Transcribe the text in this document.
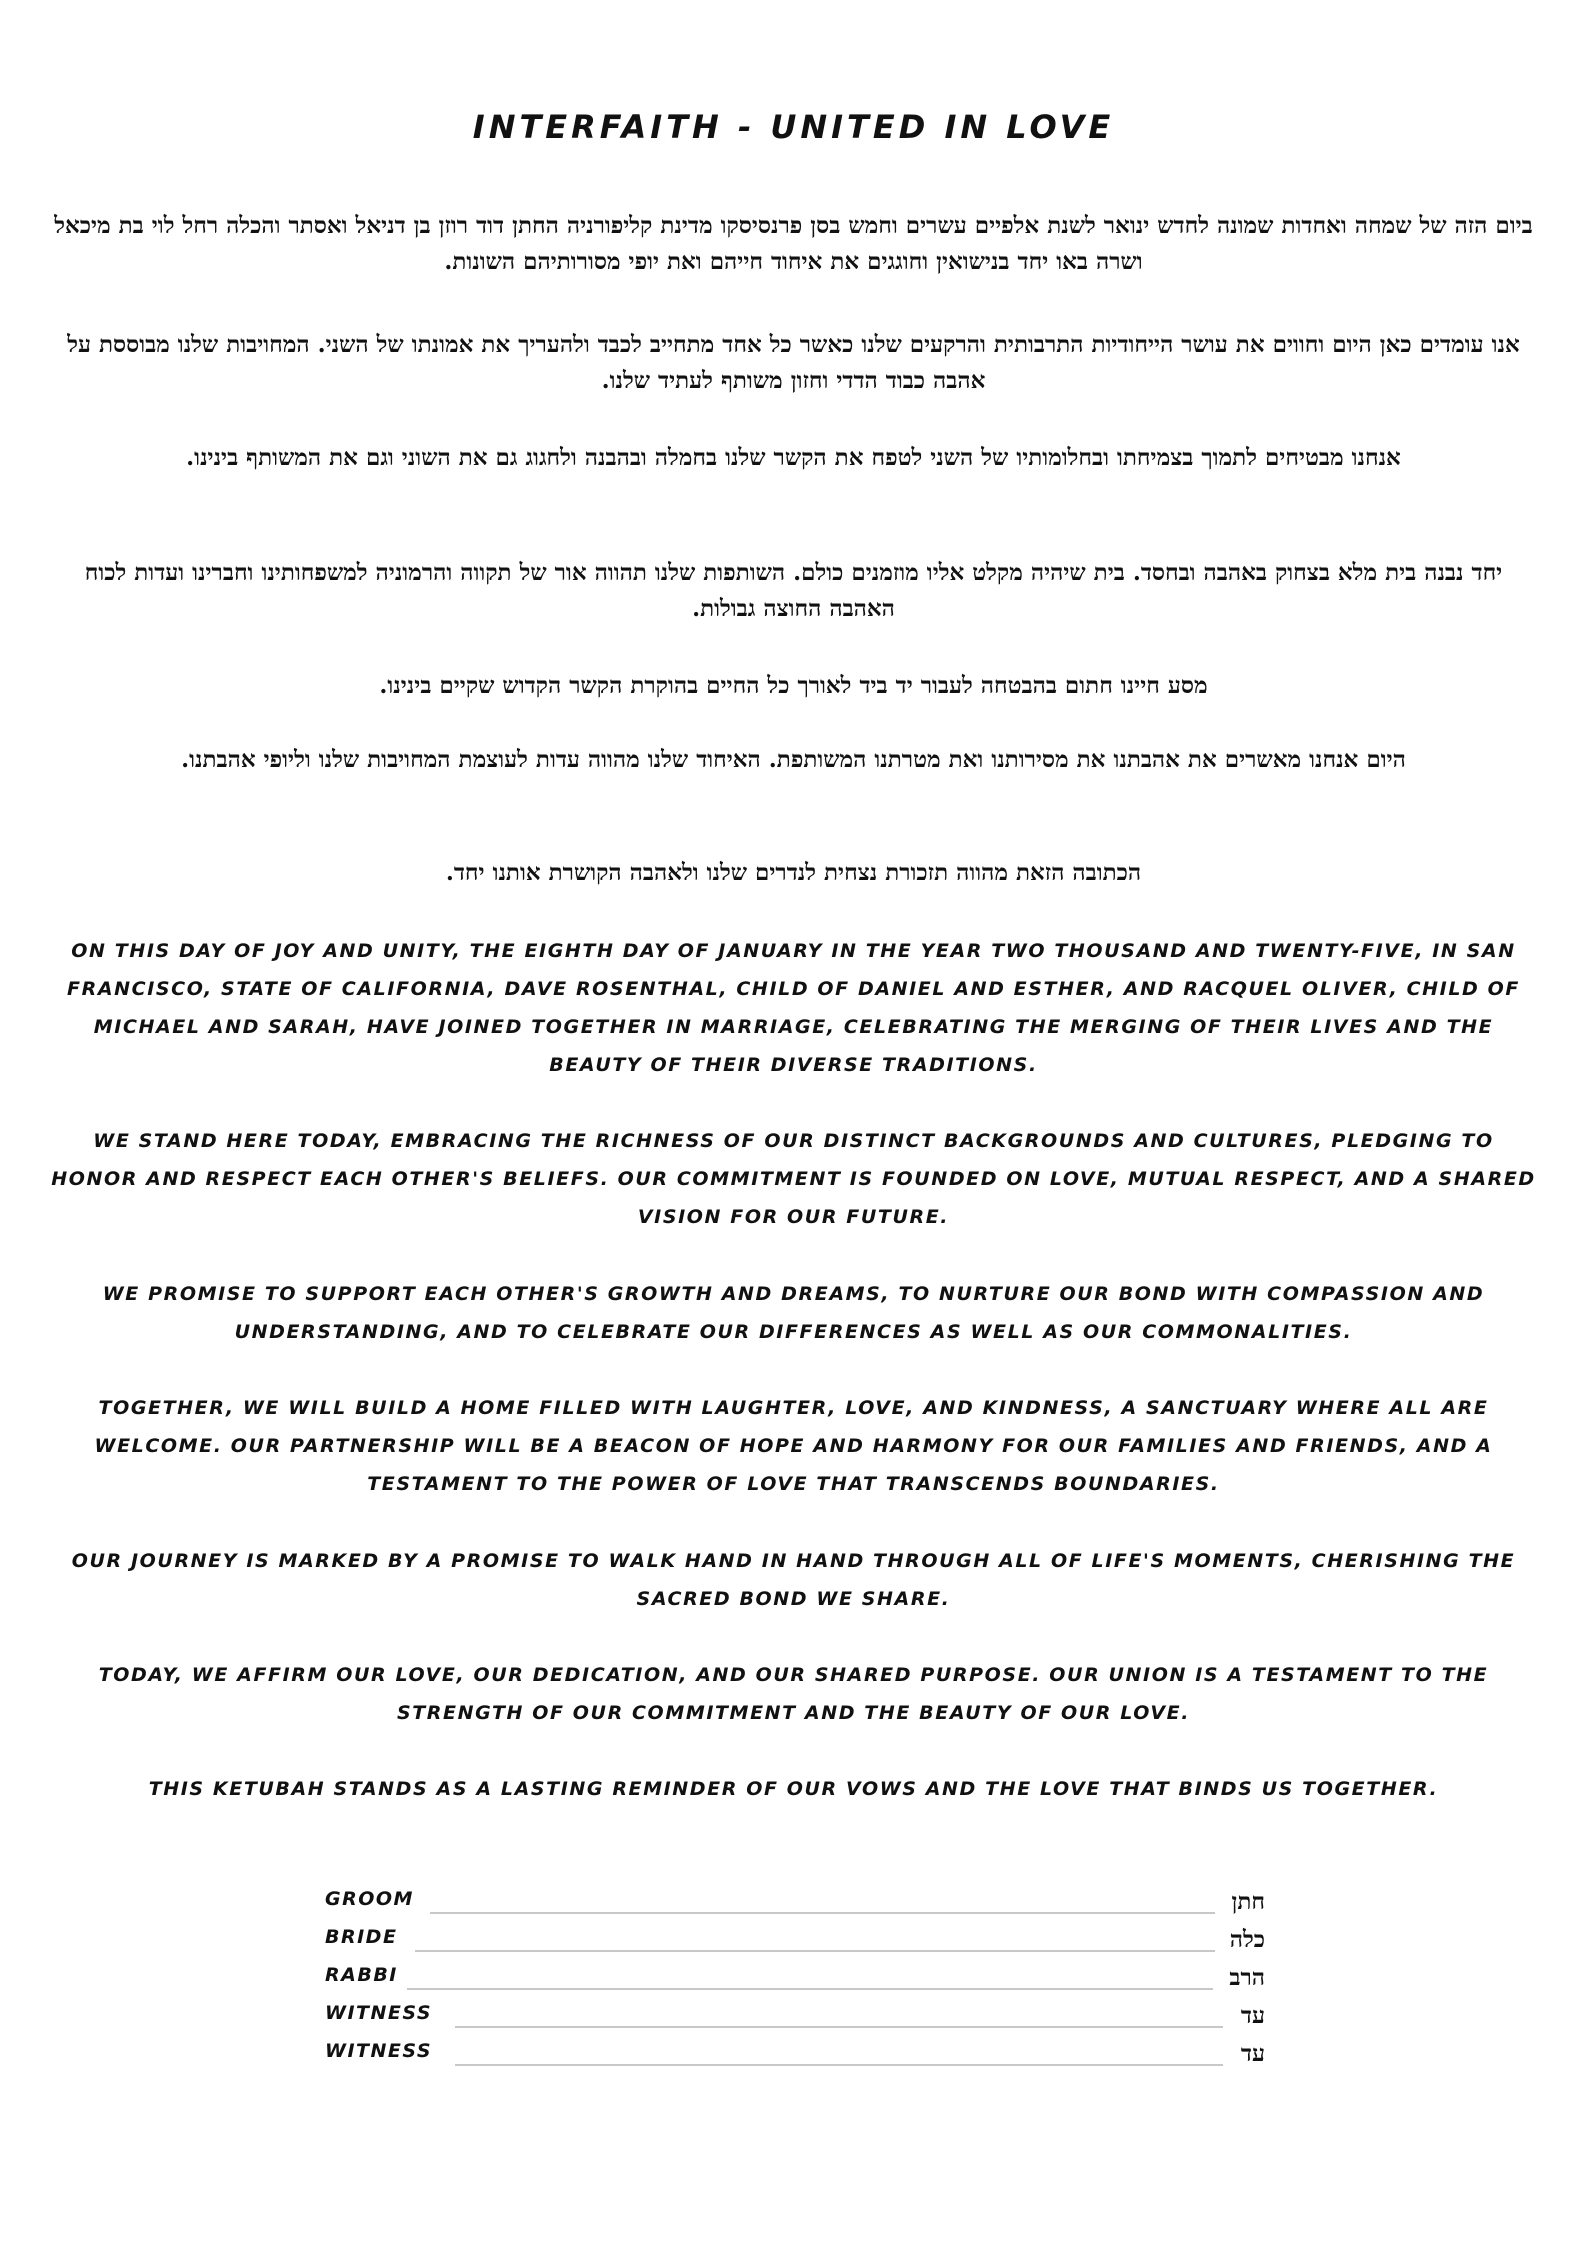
INTERFAITH - UNITED IN LOVE
ביום הזה של שמחה ואחדות שמונה לחדש ינואר לשנת אלפיים עשרים וחמש בסן פרנסיסקו מדינת קליפורניה החתן דוד רוזן בן דניאל ואסתר והכלה רחל לוי בת מיכאל ושרה באו יחד בנישואין וחוגגים את איחוד חייהם ואת יופי מסורותיהם השונות.
אנו עומדים כאן היום וחווים את עושר הייחודיות התרבותית והרקעים שלנו כאשר כל אחד מתחייב לכבד ולהעריך את אמונתו של השני. המחויבות שלנו מבוססת על אהבה כבוד הדדי וחזון משותף לעתיד שלנו.
אנחנו מבטיחים לתמוך בצמיחתו ובחלומותיו של השני לטפח את הקשר שלנו בחמלה ובהבנה ולחגוג גם את השוני וגם את המשותף בינינו.
יחד נבנה בית מלא בצחוק באהבה ובחסד. בית שיהיה מקלט אליו מוזמנים כולם. השותפות שלנו תהווה אור של תקווה והרמוניה למשפחותינו וחברינו ועדות לכוח האהבה החוצה גבולות.
מסע חיינו חתום בהבטחה לעבור יד ביד לאורך כל החיים בהוקרת הקשר הקדוש שקיים בינינו.
היום אנחנו מאשרים את אהבתנו את מסירותנו ואת מטרתנו המשותפת. האיחוד שלנו מהווה עדות לעוצמת המחויבות שלנו וליופי אהבתנו.
הכתובה הזאת מהווה תזכורת נצחית לנדרים שלנו ולאהבה הקושרת אותנו יחד.
ON THIS DAY OF JOY AND UNITY, THE EIGHTH DAY OF JANUARY IN THE YEAR TWO THOUSAND AND TWENTY-FIVE, IN SAN FRANCISCO, STATE OF CALIFORNIA, DAVE ROSENTHAL, CHILD OF DANIEL AND ESTHER, AND RACQUEL OLIVER, CHILD OF MICHAEL AND SARAH, HAVE JOINED TOGETHER IN MARRIAGE, CELEBRATING THE MERGING OF THEIR LIVES AND THE BEAUTY OF THEIR DIVERSE TRADITIONS.
WE STAND HERE TODAY, EMBRACING THE RICHNESS OF OUR DISTINCT BACKGROUNDS AND CULTURES, PLEDGING TO HONOR AND RESPECT EACH OTHER'S BELIEFS. OUR COMMITMENT IS FOUNDED ON LOVE, MUTUAL RESPECT, AND A SHARED VISION FOR OUR FUTURE.
WE PROMISE TO SUPPORT EACH OTHER'S GROWTH AND DREAMS, TO NURTURE OUR BOND WITH COMPASSION AND UNDERSTANDING, AND TO CELEBRATE OUR DIFFERENCES AS WELL AS OUR COMMONALITIES.
TOGETHER, WE WILL BUILD A HOME FILLED WITH LAUGHTER, LOVE, AND KINDNESS, A SANCTUARY WHERE ALL ARE WELCOME. OUR PARTNERSHIP WILL BE A BEACON OF HOPE AND HARMONY FOR OUR FAMILIES AND FRIENDS, AND A TESTAMENT TO THE POWER OF LOVE THAT TRANSCENDS BOUNDARIES.
OUR JOURNEY IS MARKED BY A PROMISE TO WALK HAND IN HAND THROUGH ALL OF LIFE'S MOMENTS, CHERISHING THE SACRED BOND WE SHARE.
TODAY, WE AFFIRM OUR LOVE, OUR DEDICATION, AND OUR SHARED PURPOSE. OUR UNION IS A TESTAMENT TO THE STRENGTH OF OUR COMMITMENT AND THE BEAUTY OF OUR LOVE.
THIS KETUBAH STANDS AS A LASTING REMINDER OF OUR VOWS AND THE LOVE THAT BINDS US TOGETHER.
GROOM	חתן
BRIDE	כלה
RABBI	הרב
WITNESS	עד
WITNESS	עד
